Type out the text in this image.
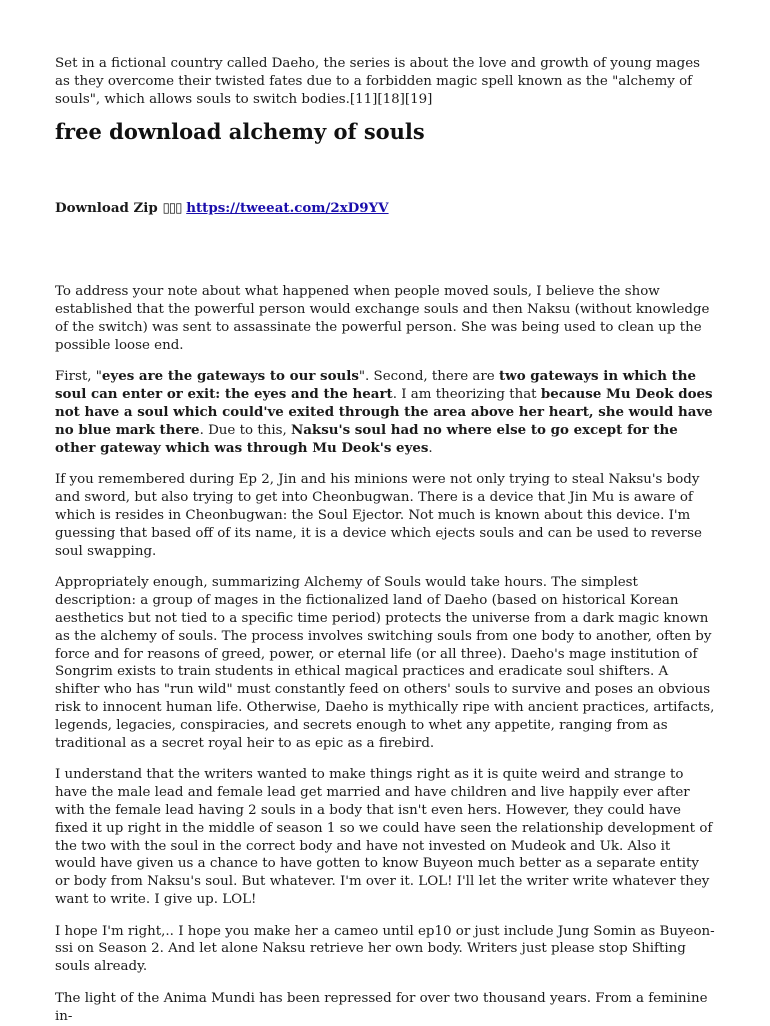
Set in a fictional country called Daeho, the series is about the love and growth of young mages as they overcome their twisted fates due to a forbidden magic spell known as the "alchemy of souls", which allows souls to switch bodies.[11][18][19]

free download alchemy of souls
Download Zip ▯▯▯ https://tweeat.com/2xD9YV

To address your note about what happened when people moved souls, I believe the show established that the powerful person would exchange souls and then Naksu (without knowledge of the switch) was sent to assassinate the powerful person. She was being used to clean up the possible loose end.

First, "eyes are the gateways to our souls". Second, there are two gateways in which the soul can enter or exit: the eyes and the heart. I am theorizing that because Mu Deok does not have a soul which could've exited through the area above her heart, she would have no blue mark there. Due to this, Naksu's soul had no where else to go except for the other gateway which was through Mu Deok's eyes.

If you remembered during Ep 2, Jin and his minions were not only trying to steal Naksu's body and sword, but also trying to get into Cheonbugwan. There is a device that Jin Mu is aware of which is resides in Cheonbugwan: the Soul Ejector. Not much is known about this device. I'm guessing that based off of its name, it is a device which ejects souls and can be used to reverse soul swapping.

Appropriately enough, summarizing Alchemy of Souls would take hours. The simplest description: a group of mages in the fictionalized land of Daeho (based on historical Korean aesthetics but not tied to a specific time period) protects the universe from a dark magic known as the alchemy of souls. The process involves switching souls from one body to another, often by force and for reasons of greed, power, or eternal life (or all three). Daeho's mage institution of Songrim exists to train students in ethical magical practices and eradicate soul shifters. A shifter who has "run wild" must constantly feed on others' souls to survive and poses an obvious risk to innocent human life. Otherwise, Daeho is mythically ripe with ancient practices, artifacts, legends, legacies, conspiracies, and secrets enough to whet any appetite, ranging from as traditional as a secret royal heir to as epic as a firebird.

I understand that the writers wanted to make things right as it is quite weird and strange to have the male lead and female lead get married and have children and live happily ever after with the female lead having 2 souls in a body that isn't even hers. However, they could have fixed it up right in the middle of season 1 so we could have seen the relationship development of the two with the soul in the correct body and have not invested on Mudeok and Uk. Also it would have given us a chance to have gotten to know Buyeon much better as a separate entity or body from Naksu's soul. But whatever. I'm over it. LOL! I'll let the writer write whatever they want to write. I give up. LOL!

I hope I'm right,.. I hope you make her a cameo until ep10 or just include Jung Somin as Buyeon-ssi on Season 2. And let alone Naksu retrieve her own body. Writers just please stop Shifting souls already.

The light of the Anima Mundi has been repressed for over two thousand years. From a feminine in-
